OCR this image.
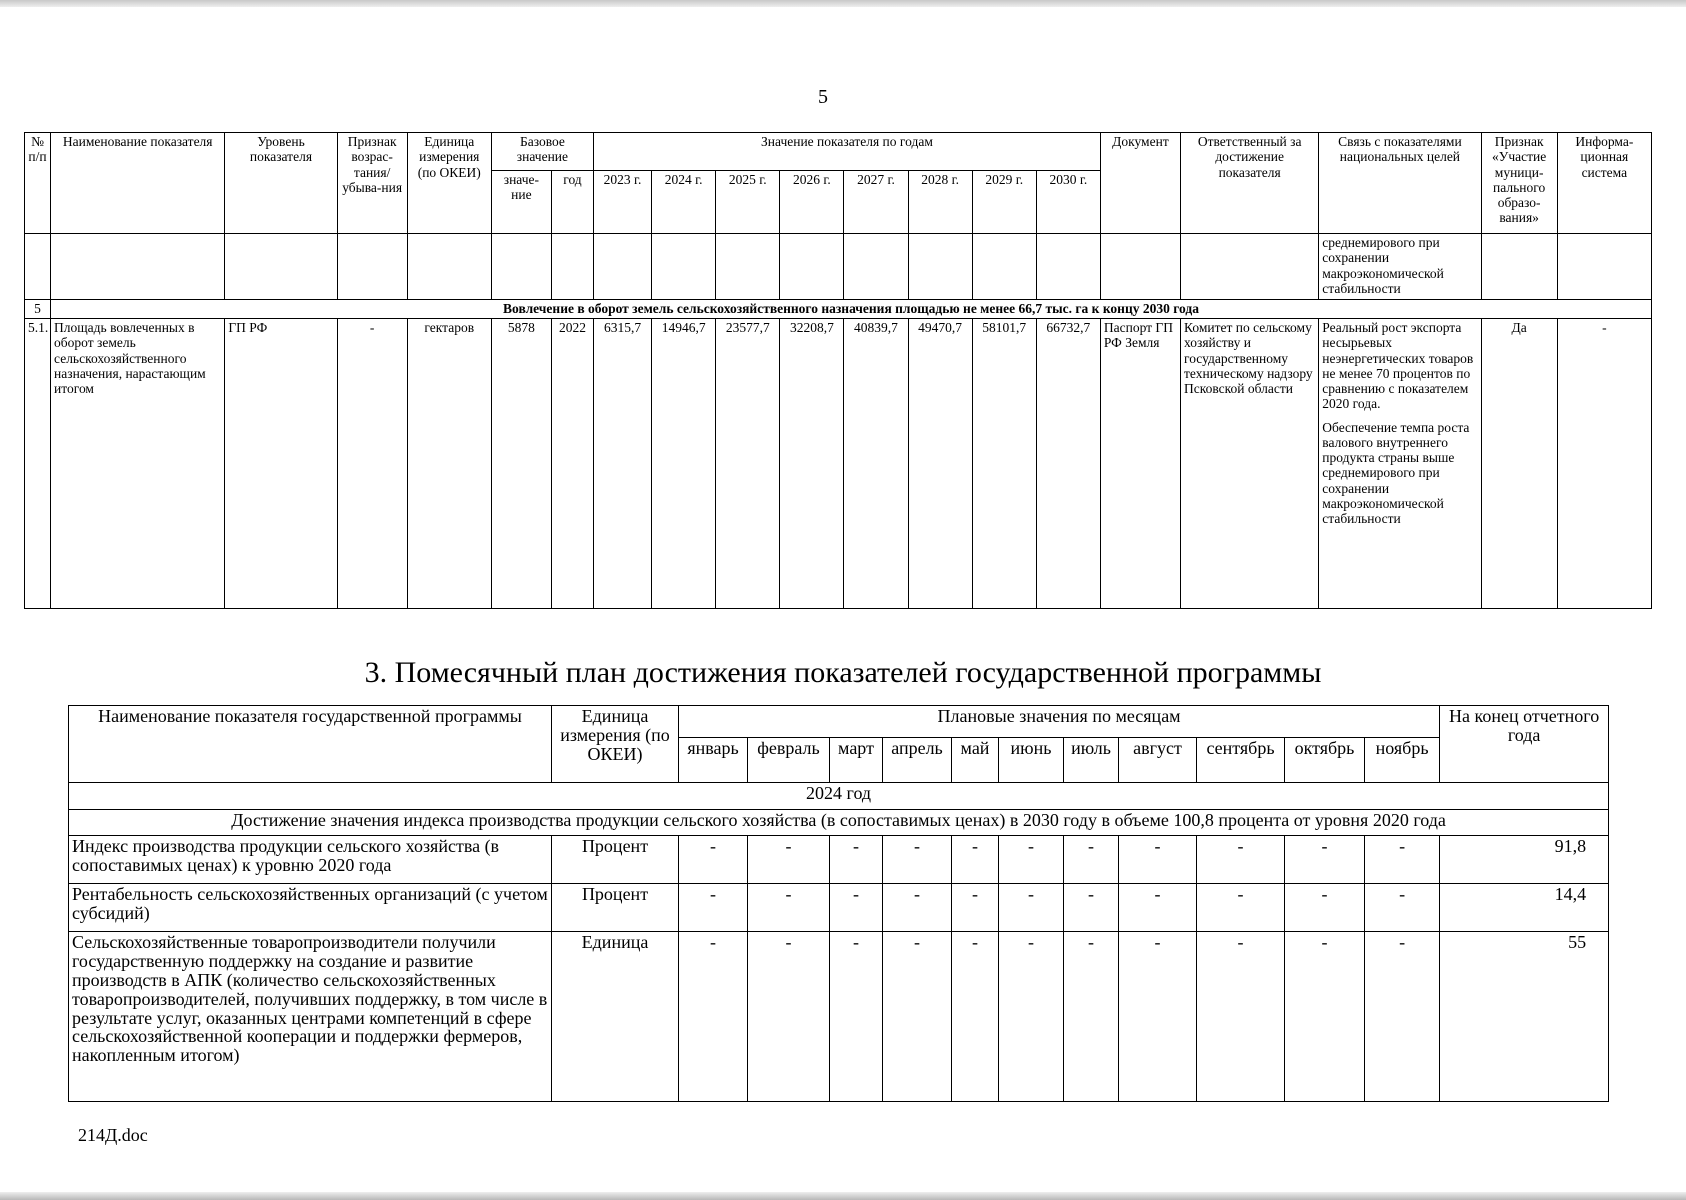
5
№ п/п	Наименование показателя	Уровень показателя	Признак возрас-тания/ убыва-ния	Единица измерения (по ОКЕИ)	Базовое значение		Значение показателя по годам								Документ	Ответственный за достижение показателя	Связь с показателями национальных целей	Признак «Участие муници-пального образо-вания»	Информа-ционная система
					значе-ние	год	2023 г.	2024 г.	2025 г.	2026 г.	2027 г.	2028 г.	2029 г.	2030 г.					
																	среднемирового при сохранении макроэкономической стабильности		
5	Вовлечение в оборот земель сельскохозяйственного назначения площадью не менее 66,7 тыс. га к концу 2030 года																		
5.1.	Площадь вовлеченных в оборот земель сельскохозяйственного назначения, нарастающим итогом	ГП РФ	-	гектаров	5878	2022	6315,7	14946,7	23577,7	32208,7	40839,7	49470,7	58101,7	66732,7	Паспорт ГП РФ Земля	Комитет по сельскому хозяйству и государственному техническому надзору Псковской области	Реальный рост экспорта несырьевых неэнергетических товаров не менее 70 процентов по сравнению с показателем 2020 года.

Обеспечение темпа роста валового внутреннего продукта страны выше среднемирового при сохранении макроэкономической стабильности	Да	-
3. Помесячный план достижения показателей государственной программы
Наименование показателя государственной программы	Единица измерения (по ОКЕИ)	Плановые значения по месяцам											На конец отчетного года
		январь	февраль	март	апрель	май	июнь	июль	август	сентябрь	октябрь	ноябрь	
2024 год													
Достижение значения индекса производства продукции сельского хозяйства (в сопоставимых ценах) в 2030 году в объеме 100,8 процента от уровня 2020 года													
Индекс производства продукции сельского хозяйства (в сопоставимых ценах) к уровню 2020 года	Процент	-	-	-	-	-	-	-	-	-	-	-	91,8
Рентабельность сельскохозяйственных организаций (с учетом субсидий)	Процент	-	-	-	-	-	-	-	-	-	-	-	14,4
Сельскохозяйственные товаропроизводители получили государственную поддержку на создание и развитие производств в АПК (количество сельскохозяйственных товаропроизводителей, получивших поддержку, в том числе в результате услуг, оказанных центрами компетенций в сфере сельскохозяйственной кооперации и поддержки фермеров, накопленным итогом)	Единица	-	-	-	-	-	-	-	-	-	-	-	55
214Д.doc
